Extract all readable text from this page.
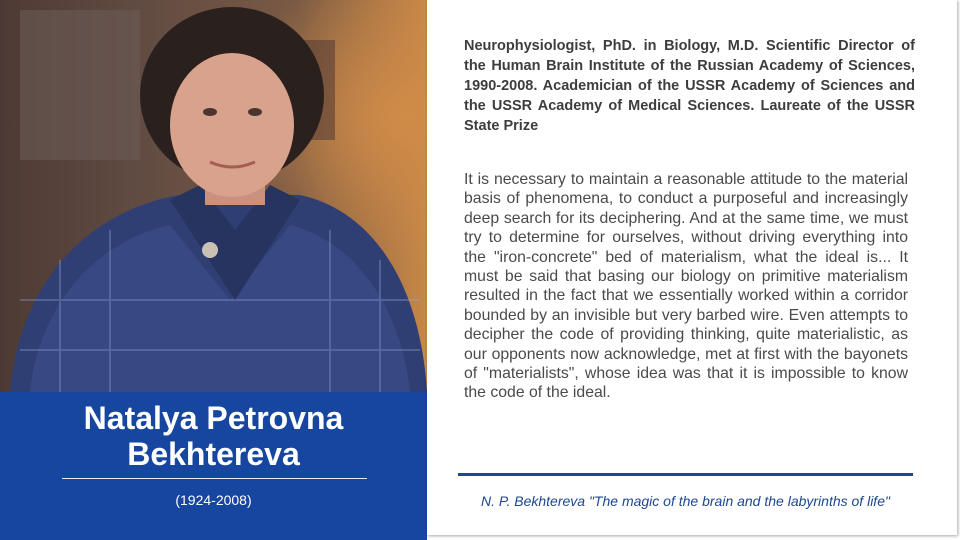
Natalya Petrovna Bekhtereva
(1924-2008)
Neurophysiologist, PhD. in Biology, M.D. Scientific Director of the Human Brain Institute of the Russian Academy of Sciences, 1990-2008. Academician of the USSR Academy of Sciences and the USSR Academy of Medical Sciences. Laureate of the USSR State Prize
It is necessary to maintain a reasonable attitude to the material basis of phenomena, to conduct a purposeful and increasingly deep search for its deciphering. And at the same time, we must try to determine for ourselves, without driving everything into the "iron-concrete" bed of materialism, what the ideal is... It must be said that basing our biology on primitive materialism resulted in the fact that we essentially worked within a corridor bounded by an invisible but very barbed wire. Even attempts to decipher the code of providing thinking, quite materialistic, as our opponents now acknowledge, met at first with the bayonets of "materialists", whose idea was that it is impossible to know the code of the ideal.
N. P. Bekhtereva "The magic of the brain and the labyrinths of life"
